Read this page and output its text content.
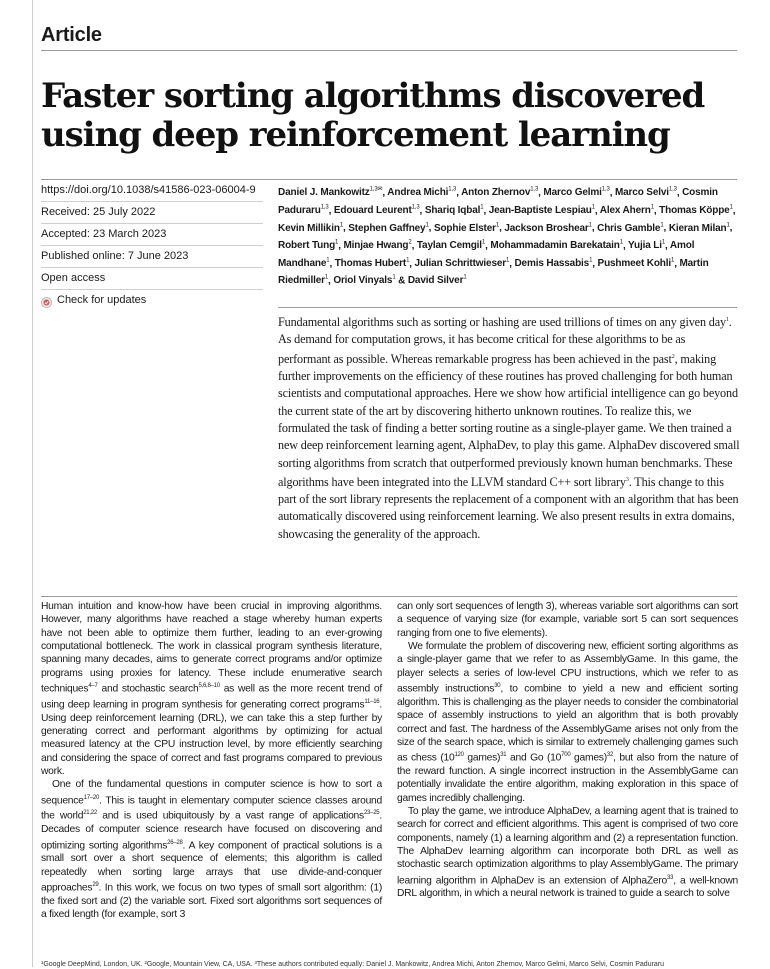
Article
Faster sorting algorithms discovered using deep reinforcement learning
https://doi.org/10.1038/s41586-023-06004-9
Received: 25 July 2022
Accepted: 23 March 2023
Published online: 7 June 2023
Open access
Check for updates
Daniel J. Mankowitz$^{1,3✉}$, Andrea Michi$^{1,3}$, Anton Zhernov$^{1,3}$, Marco Gelmi$^{1,3}$, Marco Selvi$^{1,3}$, Cosmin Paduraru$^{1,3}$, Edouard Leurent$^{1,3}$, Shariq Iqbal$^1$, Jean-Baptiste Lespiau$^1$, Alex Ahern$^1$, Thomas Köppe$^1$, Kevin Millikin$^1$, Stephen Gaffney$^1$, Sophie Elster$^1$, Jackson Broshear$^1$, Chris Gamble$^1$, Kieran Milan$^1$, Robert Tung$^1$, Minjae Hwang$^2$, Taylan Cemgil$^1$, Mohammadamin Barekatain$^1$, Yujia Li$^1$, Amol Mandhane$^1$, Thomas Hubert$^1$, Julian Schrittwieser$^1$, Demis Hassabis$^1$, Pushmeet Kohli$^1$, Martin Riedmiller$^1$, Oriol Vinyals$^1$ & David Silver$^1$
Fundamental algorithms such as sorting or hashing are used trillions of times on any given day$^1$. As demand for computation grows, it has become critical for these algorithms to be as performant as possible. Whereas remarkable progress has been achieved in the past$^2$, making further improvements on the efficiency of these routines has proved challenging for both human scientists and computational approaches. Here we show how artificial intelligence can go beyond the current state of the art by discovering hitherto unknown routines. To realize this, we formulated the task of finding a better sorting routine as a single-player game. We then trained a new deep reinforcement learning agent, AlphaDev, to play this game. AlphaDev discovered small sorting algorithms from scratch that outperformed previously known human benchmarks. These algorithms have been integrated into the LLVM standard C++ sort library$^3$. This change to this part of the sort library represents the replacement of a component with an algorithm that has been automatically discovered using reinforcement learning. We also present results in extra domains, showcasing the generality of the approach.

Human intuition and know-how have been crucial in improving algorithms. However, many algorithms have reached a stage whereby human experts have not been able to optimize them further, leading to an ever-growing computational bottleneck. The work in classical program synthesis literature, spanning many decades, aims to generate correct programs and/or optimize programs using proxies for latency. These include enumerative search techniques$^{4-7}$ and stochastic search$^{5,6,8-10}$ as well as the more recent trend of using deep learning in program synthesis for generating correct programs$^{11-16}$. Using deep reinforcement learning (DRL), we can take this a step further by generating correct and performant algorithms by optimizing for actual measured latency at the CPU instruction level, by more efficiently searching and considering the space of correct and fast programs compared to previous work.

One of the fundamental questions in computer science is how to sort a sequence$^{17-20}$. This is taught in elementary computer science classes around the world$^{21,22}$ and is used ubiquitously by a vast range of applications$^{23-25}$. Decades of computer science research have focused on discovering and optimizing sorting algorithms$^{26-28}$. A key component of practical solutions is a small sort over a short sequence of elements; this algorithm is called repeatedly when sorting large arrays that use divide-and-conquer approaches$^{29}$. In this work, we focus on two types of small sort algorithm: (1) the fixed sort and (2) the variable sort. Fixed sort algorithms sort sequences of a fixed length (for example, sort 3

can only sort sequences of length 3), whereas variable sort algorithms can sort a sequence of varying size (for example, variable sort 5 can sort sequences ranging from one to five elements).

We formulate the problem of discovering new, efficient sorting algorithms as a single-player game that we refer to as AssemblyGame. In this game, the player selects a series of low-level CPU instructions, which we refer to as assembly instructions$^{30}$, to combine to yield a new and efficient sorting algorithm. This is challenging as the player needs to consider the combinatorial space of assembly instructions to yield an algorithm that is both provably correct and fast. The hardness of the AssemblyGame arises not only from the size of the search space, which is similar to extremely challenging games such as chess ($10^{120}$ games)$^{31}$ and Go ($10^{700}$ games)$^{32}$, but also from the nature of the reward function. A single incorrect instruction in the AssemblyGame can potentially invalidate the entire algorithm, making exploration in this space of games incredibly challenging.

To play the game, we introduce AlphaDev, a learning agent that is trained to search for correct and efficient algorithms. This agent is comprised of two core components, namely (1) a learning algorithm and (2) a representation function. The AlphaDev learning algorithm can incorporate both DRL as well as stochastic search optimization algorithms to play AssemblyGame. The primary learning algorithm in AlphaDev is an extension of AlphaZero$^{33}$, a well-known DRL algorithm, in which a neural network is trained to guide a search to solve

¹Google DeepMind, London, UK. ²Google, Mountain View, CA, USA. ³These authors contributed equally: Daniel J. Mankowitz, Andrea Michi, Anton Zhernov, Marco Gelmi, Marco Selvi, Cosmin Paduraru
